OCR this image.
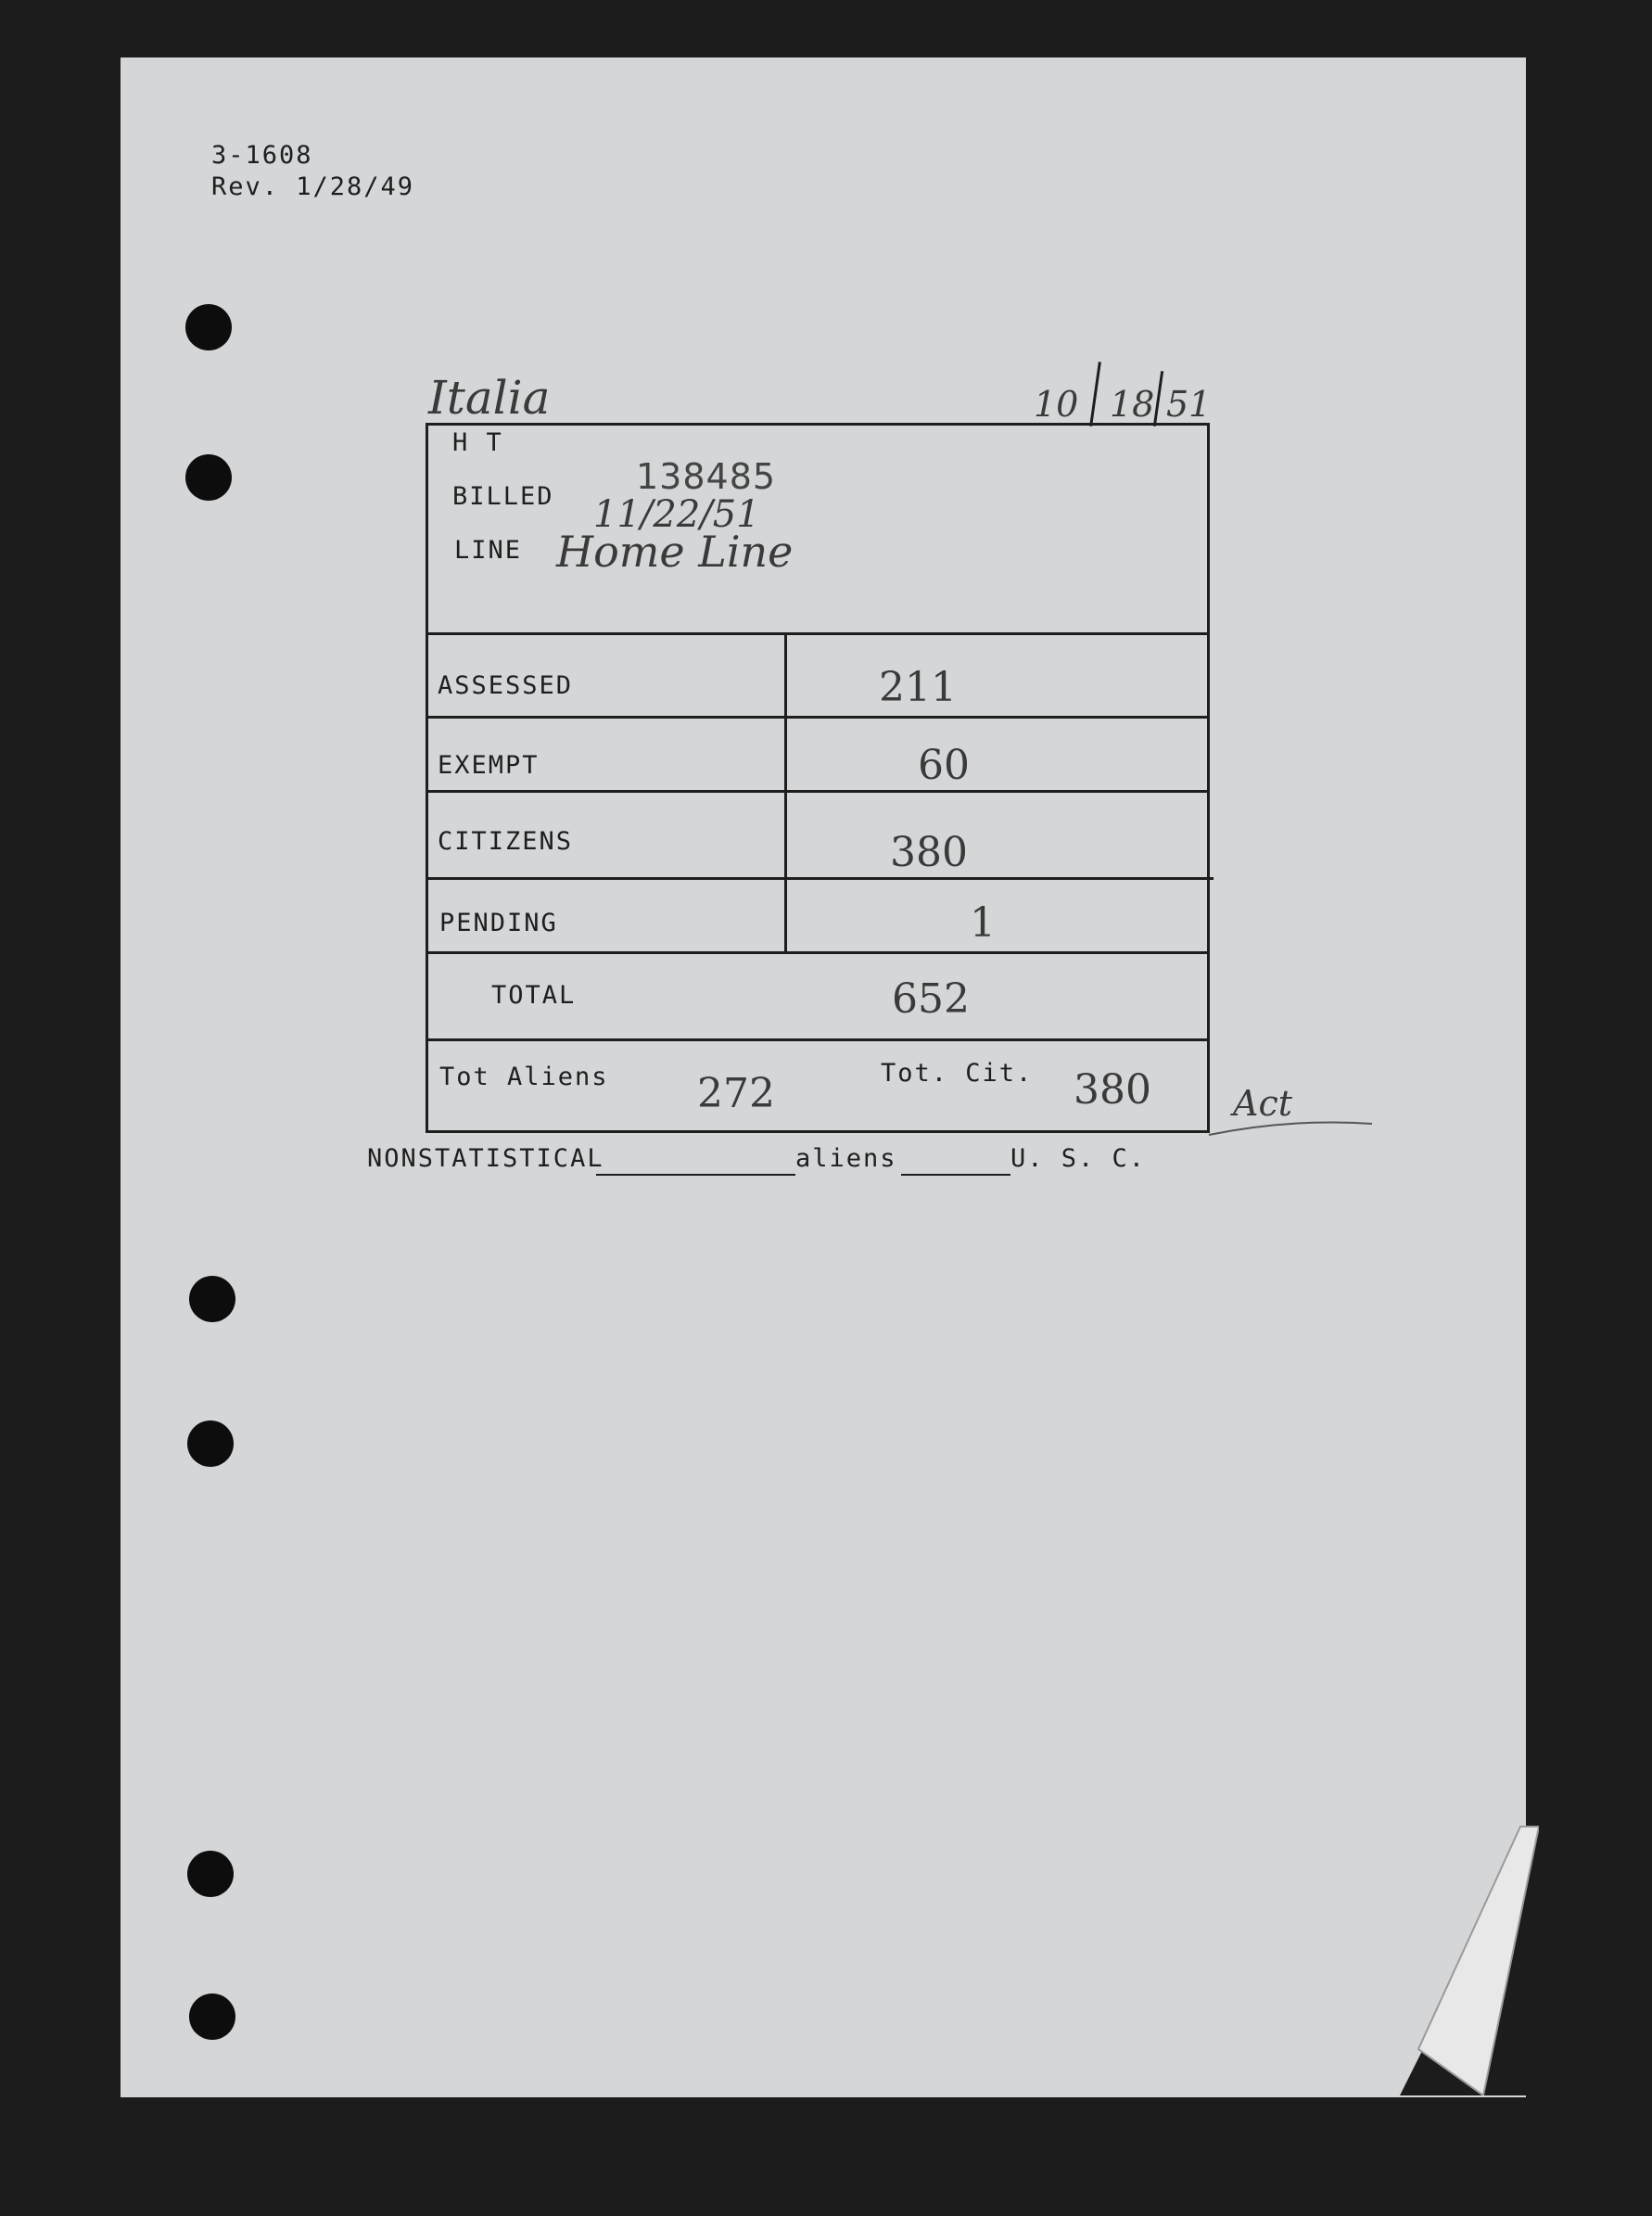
3-1608
Rev. 1/28/49
Italia	10 18 51
H T
138485
BILLED 11/22/51
LINE Home Line
ASSESSED	211
EXEMPT	60
CITIZENS	380
PENDING	1
TOTAL	652
Tot Aliens 272	Tot. Cit. 380 Act
NONSTATISTICAL	aliens	U. S. C.
